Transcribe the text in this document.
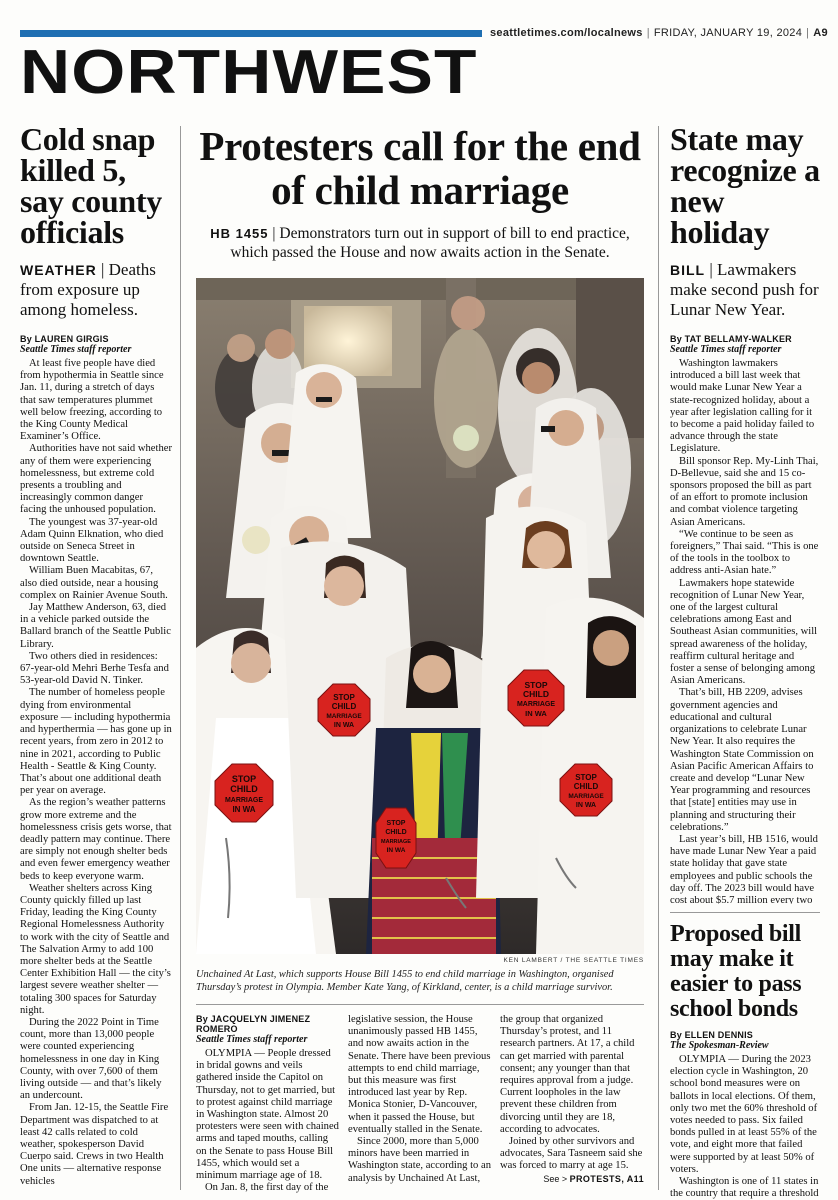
seattletimes.com/localnews | FRIDAY, JANUARY 19, 2024 | A9
NORTHWEST
Cold snap killed 5, say county officials

WEATHER | Deaths from exposure up among homeless.

By LAUREN GIRGIS
Seattle Times staff reporter

At least five people have died from hypothermia in Seattle since Jan. 11, during a stretch of days that saw temperatures plummet well below freezing, according to the King County Medical Examiner’s Office.

Authorities have not said whether any of them were experiencing homelessness, but extreme cold presents a troubling and increasingly common danger facing the unhoused population.

The youngest was 37-year-old Adam Quinn Elknation, who died outside on Seneca Street in downtown Seattle.

William Buen Macabitas, 67, also died outside, near a housing complex on Rainier Avenue South.

Jay Matthew Anderson, 63, died in a vehicle parked outside the Ballard branch of the Seattle Public Library.

Two others died in residences: 67-year-old Mehri Berhe Tesfa and 53-year-old David N. Tinker.

The number of homeless people dying from environmental exposure — including hypothermia and hyperthermia — has gone up in recent years, from zero in 2012 to nine in 2021, according to Public Health - Seattle & King County. That’s about one additional death per year on average.

As the region’s weather patterns grow more extreme and the homelessness crisis gets worse, that deadly pattern may continue. There are simply not enough shelter beds and even fewer emergency weather beds to keep everyone warm.

Weather shelters across King County quickly filled up last Friday, leading the King County Regional Homelessness Authority to work with the city of Seattle and The Salvation Army to add 100 more shelter beds at the Seattle Center Exhibition Hall — the city’s largest severe weather shelter — totaling 300 spaces for Saturday night.

During the 2022 Point in Time count, more than 13,000 people were counted experiencing homelessness in one day in King County, with over 7,600 of them living outside — and that’s likely an undercount.

From Jan. 12-15, the Seattle Fire Department was dispatched to at least 42 calls related to cold weather, spokesperson David Cuerpo said. Crews in two Health One units — alternative response vehicles

Protesters call for the end of child marriage

HB 1455 | Demonstrators turn out in support of bill to end practice, which passed the House and now awaits action in the Senate.

STOP
CHILD
MARRIAGE
IN WA
STOP
CHILD
MARRIAGE
IN WA
STOP
CHILD
MARRIAGE
IN WA
STOP
CHILD
MARRIAGE
IN WA
STOP
CHILD
MARRIAGE
IN WA
KEN LAMBERT / THE SEATTLE TIMES
Unchained At Last, which supports House Bill 1455 to end child marriage in Washington, organised Thursday’s protest in Olympia. Member Kate Yang, of Kirkland, center, is a child marriage survivor.
By JACQUELYN JIMENEZ ROMERO
Seattle Times staff reporter

OLYMPIA — People dressed in bridal gowns and veils gathered inside the Capitol on Thursday, not to get married, but to protest against child marriage in Washington state. Almost 20 protesters were seen with chained arms and taped mouths, calling on the Senate to pass House Bill 1455, which would set a minimum marriage age of 18.

On Jan. 8, the first day of the

legislative session, the House unanimously passed HB 1455, and now awaits action in the Senate. There have been previous attempts to end child marriage, but this measure was first introduced last year by Rep. Monica Stonier, D-Vancouver, when it passed the House, but eventually stalled in the Senate.

Since 2000, more than 5,000 minors have been married in Washington state, according to an analysis by Unchained At Last,

the group that organized Thursday’s protest, and 11 research partners. At 17, a child can get married with parental consent; any younger than that requires approval from a judge. Current loopholes in the law prevent these children from divorcing until they are 18, according to advocates.

Joined by other survivors and advocates, Sara Tasneem said she was forced to marry at age 15.

See > PROTESTS, A11
State may recognize a new holiday

BILL | Lawmakers make second push for Lunar New Year.

By TAT BELLAMY-WALKER
Seattle Times staff reporter

Washington lawmakers introduced a bill last week that would make Lunar New Year a state-recognized holiday, about a year after legislation calling for it to become a paid holiday failed to advance through the state Legislature.

Bill sponsor Rep. My-Linh Thai, D-Bellevue, said she and 15 co-sponsors proposed the bill as part of an effort to promote inclusion and combat violence targeting Asian Americans.

“We continue to be seen as foreigners,” Thai said. “This is one of the tools in the toolbox to address anti-Asian hate.”

Lawmakers hope statewide recognition of Lunar New Year, one of the largest cultural celebrations among East and Southeast Asian communities, will spread awareness of the holiday, reaffirm cultural heritage and foster a sense of belonging among Asian Americans.

That’s bill, HB 2209, advises government agencies and educational and cultural organizations to celebrate Lunar New Year. It also requires the Washington State Commission on Asian Pacific American Affairs to create and develop “Lunar New Year programming and resources that [state] entities may use in planning and structuring their celebrations.”

Last year’s bill, HB 1516, would have made Lunar New Year a paid state holiday that gave state employees and public schools the day off. The 2023 bill would have cost about $5.7 million every two

Proposed bill may make it easier to pass school bonds
By ELLEN DENNIS
The Spokesman-Review

OLYMPIA — During the 2023 election cycle in Washington, 20 school bond measures were on ballots in local elections. Of them, only two met the 60% threshold of votes needed to pass. Six failed bonds pulled in at least 55% of the vote, and eight more that failed were supported by at least 50% of voters.

Washington is one of 11 states in the country that require a threshold
